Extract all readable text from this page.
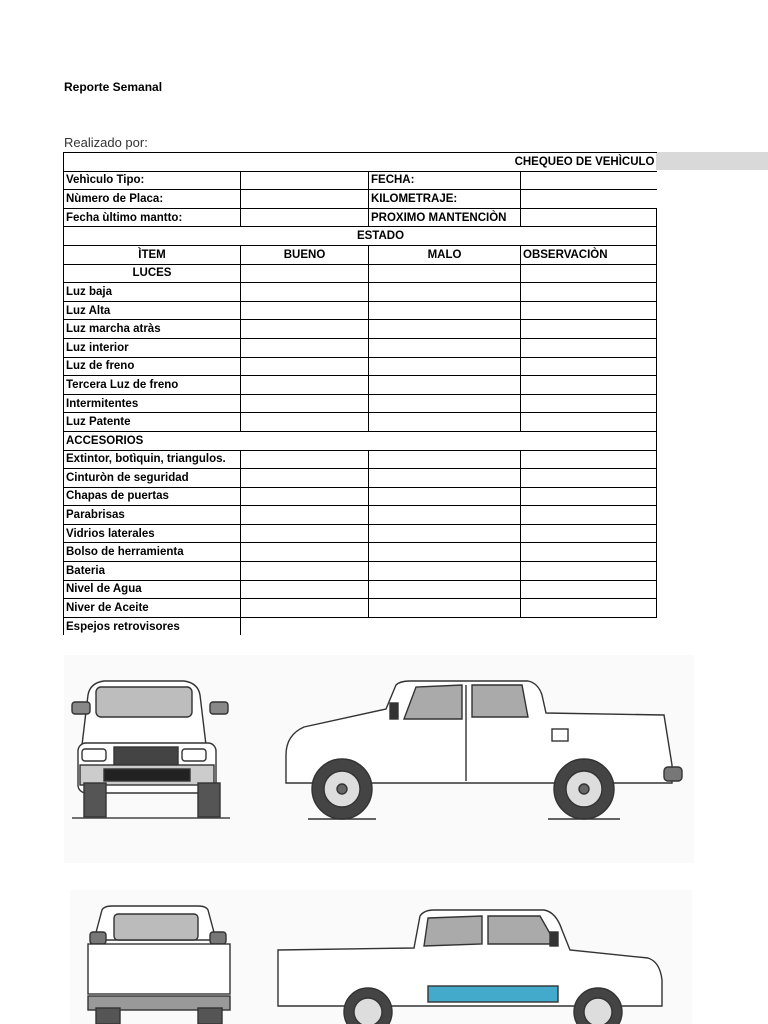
Reporte Semanal
Realizado por:
CHEQUEO DE VEHÌCULO			
Vehìculo Tipo:		FECHA:	
Nùmero de Placa:		KILOMETRAJE:	
Fecha ùltimo mantto:		PROXIMO MANTENCIÒN	
	ESTADO		
ÌTEM	BUENO	MALO	OBSERVACIÒN
LUCES			
Luz baja			
Luz Alta			
Luz marcha atràs			
Luz interior			
Luz de freno			
Tercera Luz de freno			
Intermitentes			
Luz Patente			
ACCESORIOS			
Extintor, botìquin, triangulos.			
Cinturòn de seguridad			
Chapas de puertas			
Parabrisas			
Vidrios laterales			
Bolso de herramienta			
Bateria			
Nivel de Agua			
Niver de Aceite			
Espejos retrovisores			
